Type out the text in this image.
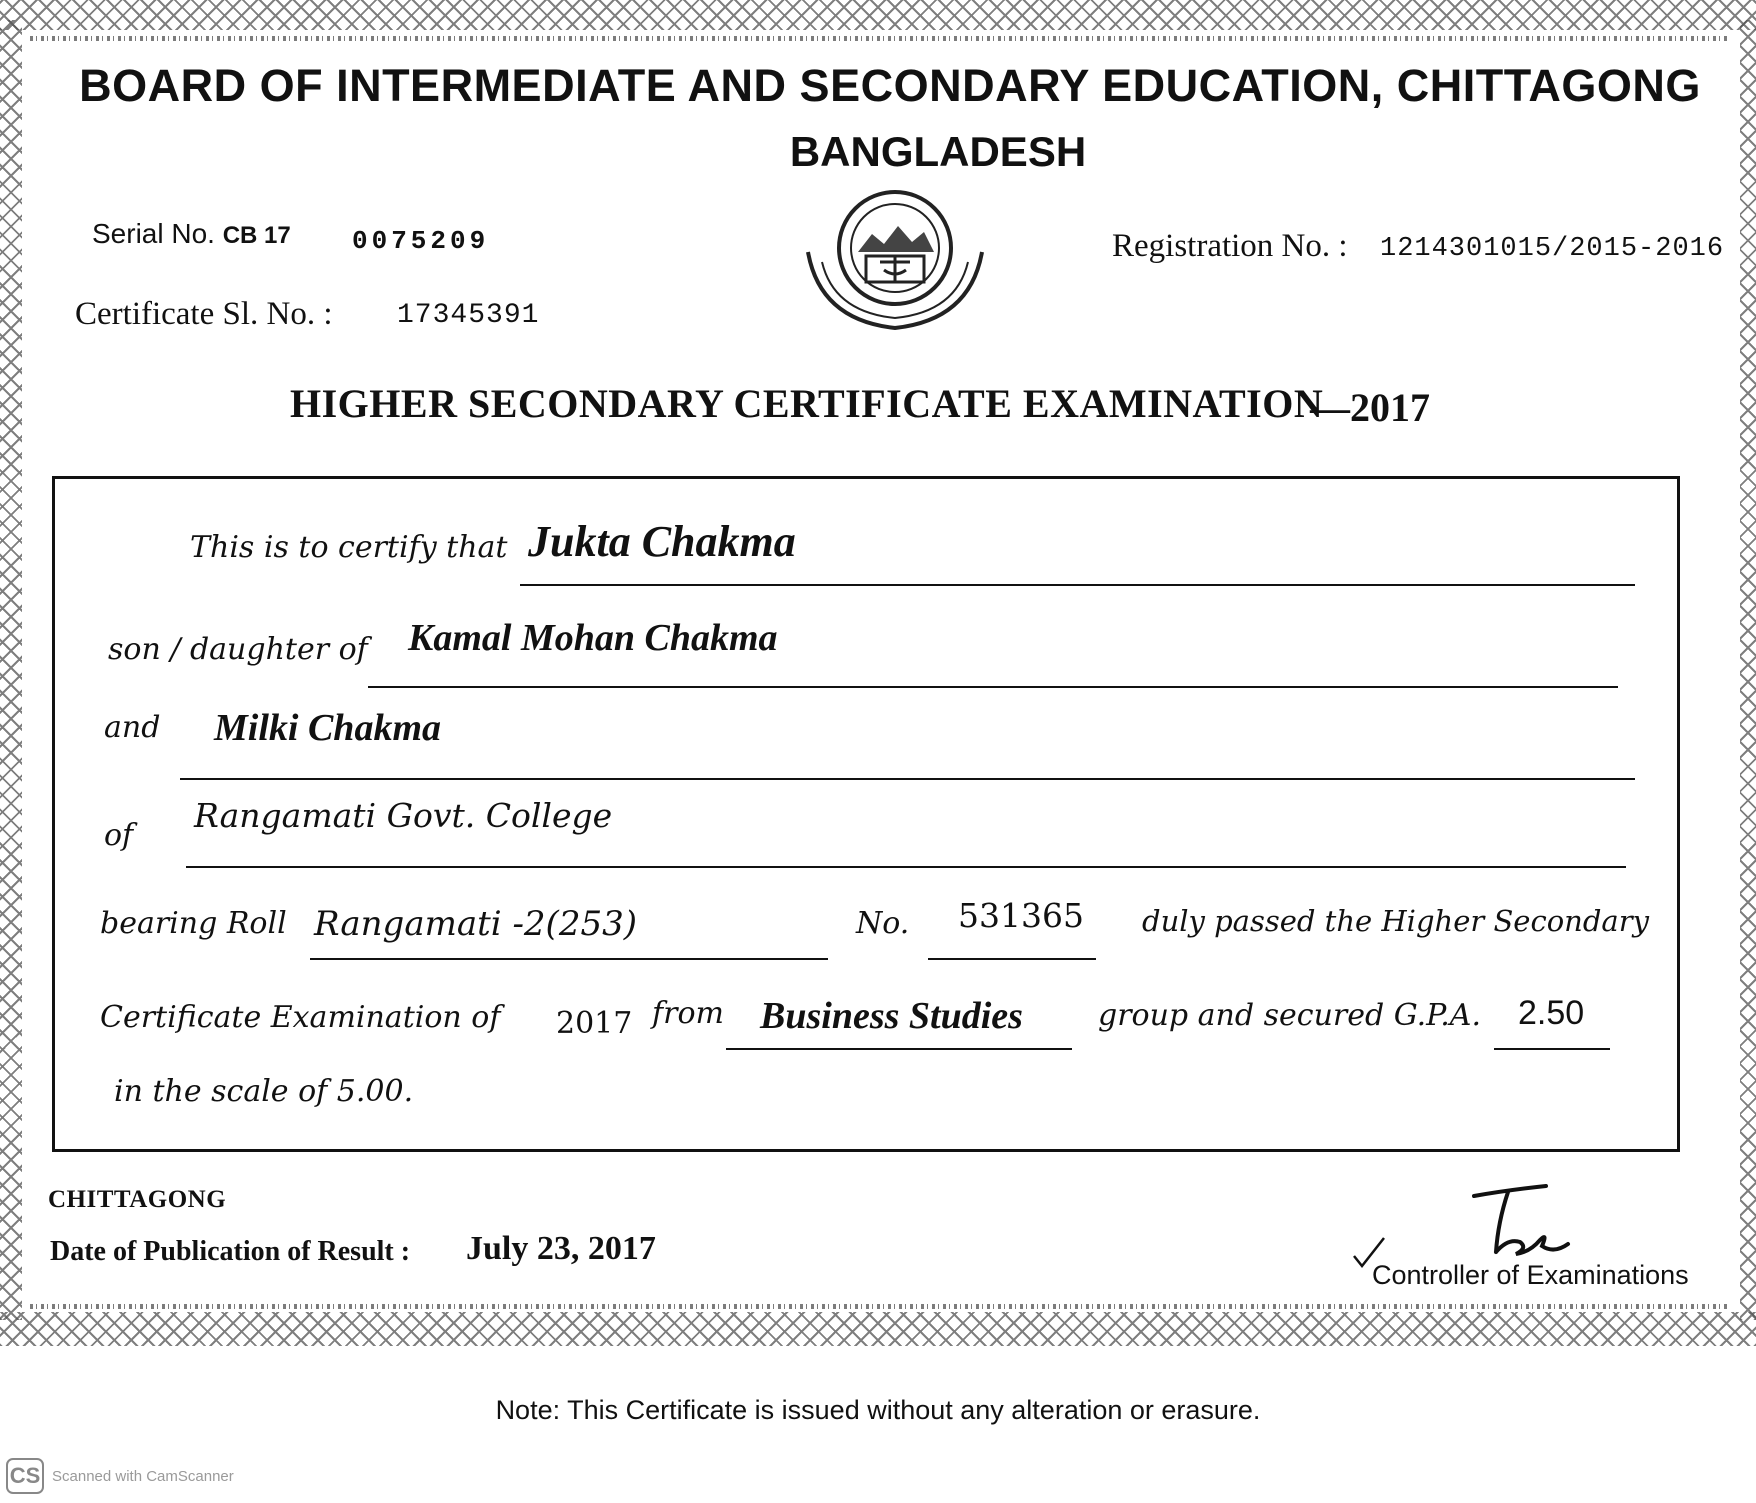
BOARD OF INTERMEDIATE AND SECONDARY EDUCATION, CHITTAGONG
BANGLADESH
Serial No. CB 17 0075209
Certificate Sl. No. : 17345391
Registration No. : 1214301015/2015-2016
HIGHER SECONDARY CERTIFICATE EXAMINATION
—2017
This is to certify that Jukta Chakma
son / daughter of Kamal Mohan Chakma
and Milki Chakma
of
Rangamati Govt. College
bearing Roll Rangamati -2(253)	No. 531365 duly passed the Higher Secondary
Certificate Examination of 2017 from Business Studies	group and secured G.P.A. 2.50
in the scale of 5.00.
CHITTAGONG
Date of Publication of Result : July 23, 2017
Controller of Examinations
Note: This Certificate is issued without any alteration or erasure.
CS Scanned with CamScanner
